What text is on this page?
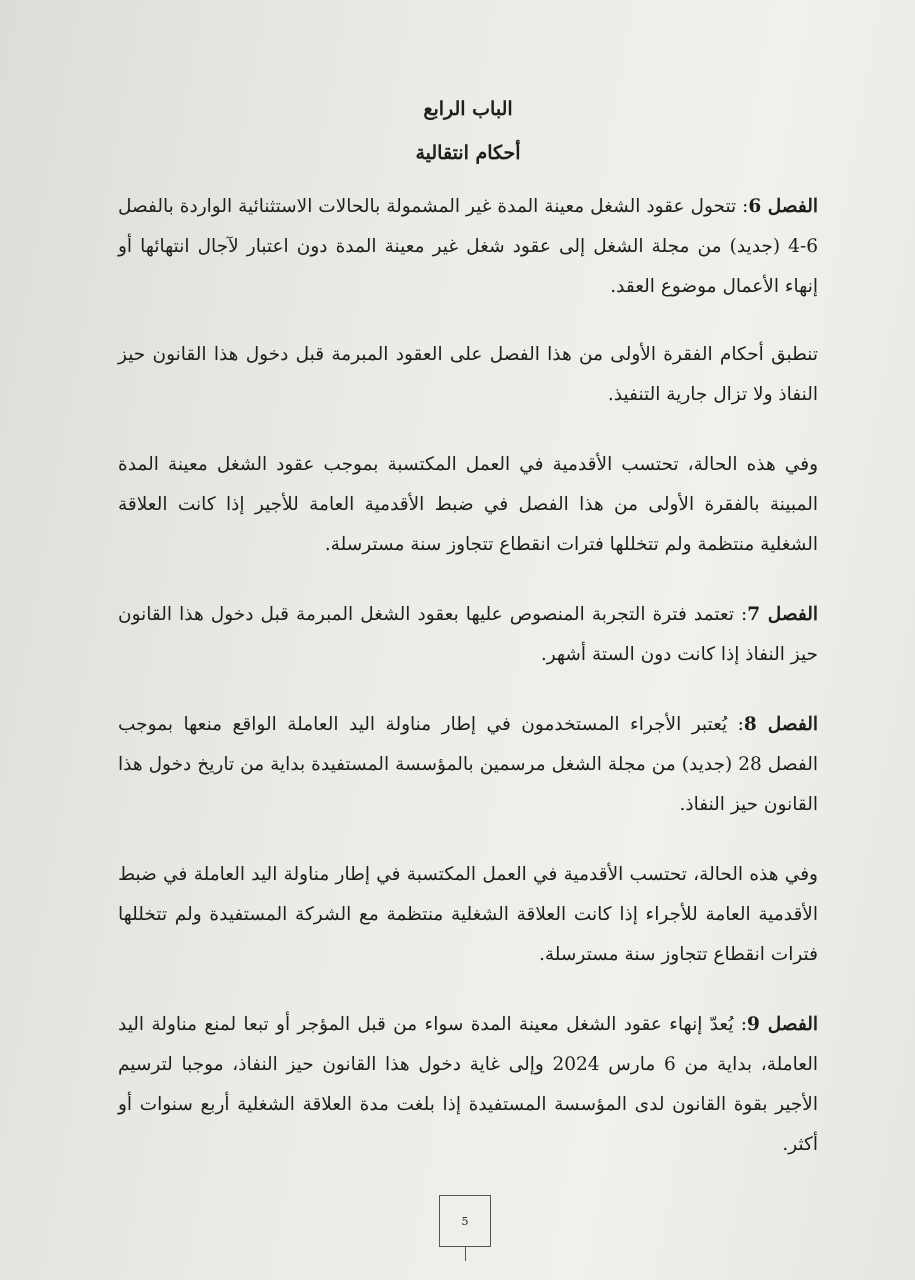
الباب الرابع

أحكام انتقالية

الفصل 6: تتحول عقود الشغل معينة المدة غير المشمولة بالحالات الاستثنائية الواردة بالفصل 6-4 (جديد) من مجلة الشغل إلى عقود شغل غير معينة المدة دون اعتبار لآجال انتهائها أو إنهاء الأعمال موضوع العقد.

تنطبق أحكام الفقرة الأولى من هذا الفصل على العقود المبرمة قبل دخول هذا القانون حيز النفاذ ولا تزال جارية التنفيذ.

وفي هذه الحالة، تحتسب الأقدمية في العمل المكتسبة بموجب عقود الشغل معينة المدة المبينة بالفقرة الأولى من هذا الفصل في ضبط الأقدمية العامة للأجير إذا كانت العلاقة الشغلية منتظمة ولم تتخللها فترات انقطاع تتجاوز سنة مسترسلة.

الفصل 7: تعتمد فترة التجربة المنصوص عليها بعقود الشغل المبرمة قبل دخول هذا القانون حيز النفاذ إذا كانت دون الستة أشهر.

الفصل 8: يُعتبر الأجراء المستخدمون في إطار مناولة اليد العاملة الواقع منعها بموجب الفصل 28 (جديد) من مجلة الشغل مرسمين بالمؤسسة المستفيدة بداية من تاريخ دخول هذا القانون حيز النفاذ.

وفي هذه الحالة، تحتسب الأقدمية في العمل المكتسبة في إطار مناولة اليد العاملة في ضبط الأقدمية العامة للأجراء إذا كانت العلاقة الشغلية منتظمة مع الشركة المستفيدة ولم تتخللها فترات انقطاع تتجاوز سنة مسترسلة.

الفصل 9: يُعدّ إنهاء عقود الشغل معينة المدة سواء من قبل المؤجر أو تبعا لمنع مناولة اليد العاملة، بداية من 6 مارس 2024 وإلى غاية دخول هذا القانون حيز النفاذ، موجبا لترسيم الأجير بقوة القانون لدى المؤسسة المستفيدة إذا بلغت مدة العلاقة الشغلية أربع سنوات أو أكثر.

5
